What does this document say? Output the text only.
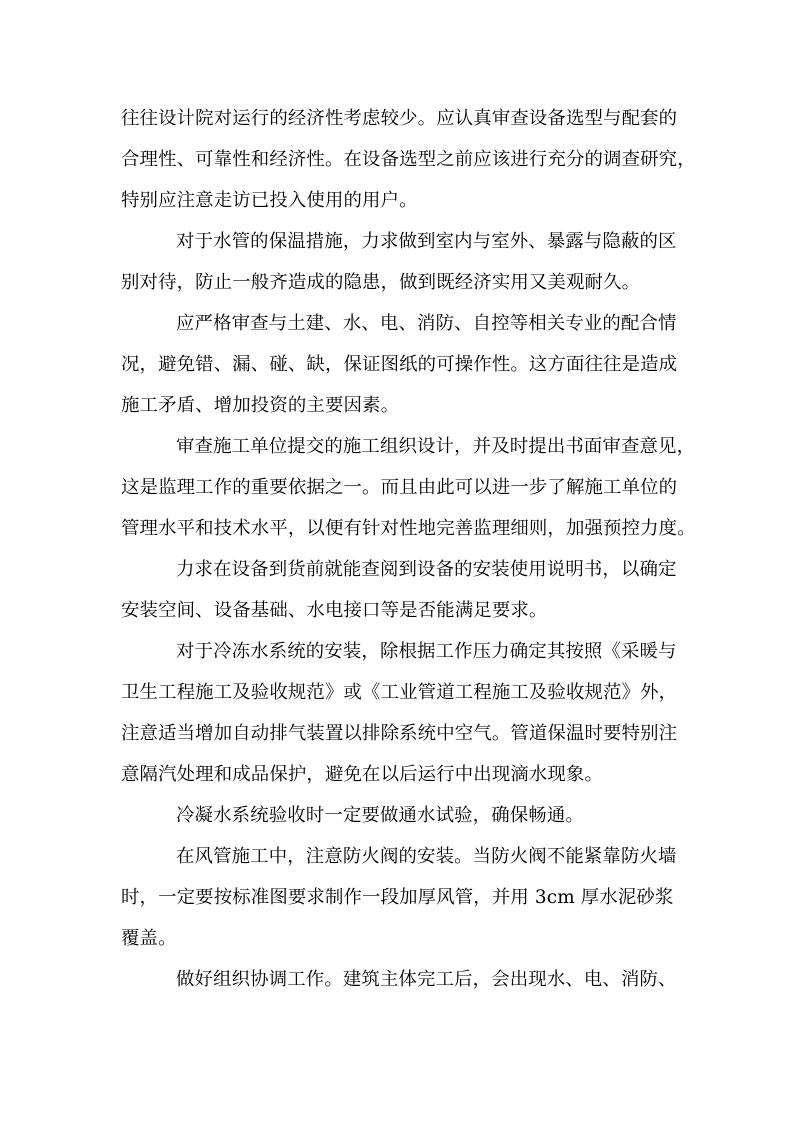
往往设计院对运行的经济性考虑较少。应认真审查设备选型与配套的
合理性、可靠性和经济性。在设备选型之前应该进行充分的调查研究，
特别应注意走访已投入使用的用户。
对于水管的保温措施，力求做到室内与室外、暴露与隐蔽的区
别对待，防止一般齐造成的隐患，做到既经济实用又美观耐久。
应严格审查与土建、水、电、消防、自控等相关专业的配合情
况，避免错、漏、碰、缺，保证图纸的可操作性。这方面往往是造成
施工矛盾、增加投资的主要因素。
审查施工单位提交的施工组织设计，并及时提出书面审查意见，
这是监理工作的重要依据之一。而且由此可以进一步了解施工单位的
管理水平和技术水平，以便有针对性地完善监理细则，加强预控力度。
力求在设备到货前就能查阅到设备的安装使用说明书，以确定
安装空间、设备基础、水电接口等是否能满足要求。
对于冷冻水系统的安装，除根据工作压力确定其按照《采暖与
卫生工程施工及验收规范》或《工业管道工程施工及验收规范》外，
注意适当增加自动排气装置以排除系统中空气。管道保温时要特别注
意隔汽处理和成品保护，避免在以后运行中出现滴水现象。
冷凝水系统验收时一定要做通水试验，确保畅通。
在风管施工中，注意防火阀的安装。当防火阀不能紧靠防火墙
时，一定要按标准图要求制作一段加厚风管，并用 3cm 厚水泥砂浆
覆盖。
做好组织协调工作。建筑主体完工后，会出现水、电、消防、
